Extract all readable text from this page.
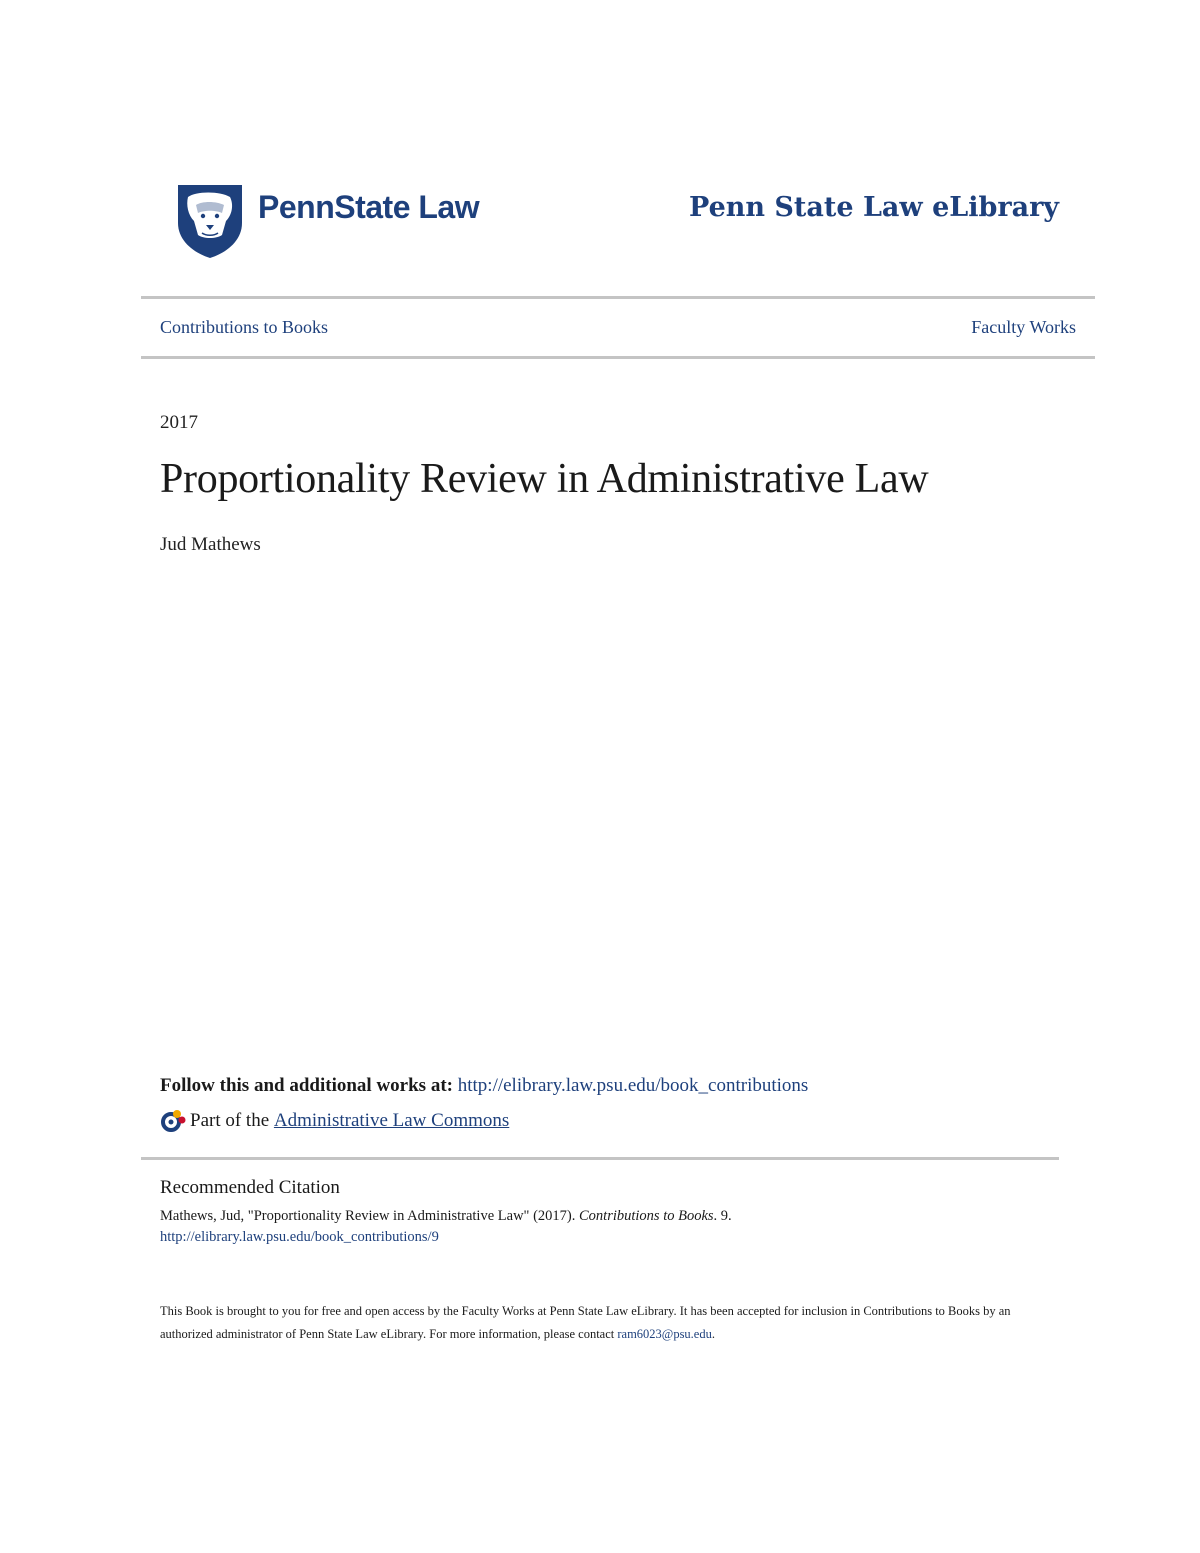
PennState Law	Penn State Law eLibrary
Contributions to Books	Faculty Works
2017
Proportionality Review in Administrative Law
Jud Mathews
Follow this and additional works at: http://elibrary.law.psu.edu/book_contributions
Part of the
Administrative Law Commons
Recommended Citation
Mathews, Jud, "Proportionality Review in Administrative Law" (2017). Contributions to Books. 9.
http://elibrary.law.psu.edu/book_contributions/9
This Book is brought to you for free and open access by the Faculty Works at Penn State Law eLibrary. It has been accepted for inclusion in Contributions to Books by an authorized administrator of Penn State Law eLibrary. For more information, please contact ram6023@psu.edu.
